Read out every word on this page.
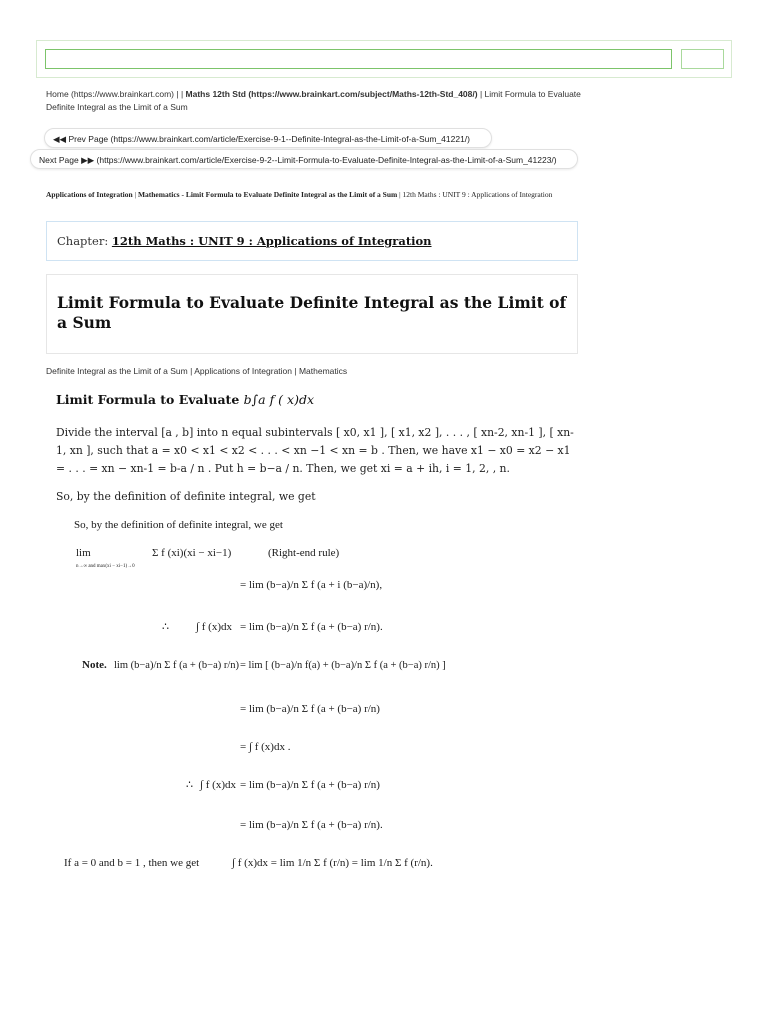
Home (https://www.brainkart.com) | | Maths 12th Std (https://www.brainkart.com/subject/Maths-12th-Std_408/) | Limit Formula to Evaluate Definite Integral as the Limit of a Sum
◀◀ Prev Page (https://www.brainkart.com/article/Exercise-9-1--Definite-Integral-as-the-Limit-of-a-Sum_41221/)
Next Page ▶▶ (https://www.brainkart.com/article/Exercise-9-2--Limit-Formula-to-Evaluate-Definite-Integral-as-the-Limit-of-a-Sum_41223/)
Applications of Integration | Mathematics - Limit Formula to Evaluate Definite Integral as the Limit of a Sum | 12th Maths : UNIT 9 : Applications of Integration
Chapter: 12th Maths : UNIT 9 : Applications of Integration
Limit Formula to Evaluate Definite Integral as the Limit of a Sum
Definite Integral as the Limit of a Sum | Applications of Integration | Mathematics
Limit Formula to Evaluate b∫a f ( x)dx
Divide the interval [a , b] into n equal subintervals [ x0, x1 ], [ x1, x2 ], . . . , [ xn-2, xn-1 ], [ xn-1, xn ], such that a = x0 < x1 < x2 < . . . < xn −1 < xn = b . Then, we have x1 − x0 = x2 − x1 = . . . = xn − xn-1 = b-a / n . Put h = b−a / n. Then, we get xi = a + ih, i = 1, 2, , n.
So, by the definition of definite integral, we get
So, by the definition of definite integral, we get
lim
n→∞ and max(xi − xi−1)→0
Σ f (xi)(xi − xi−1)	(Right-end rule)
= lim (b−a)/n Σ f (a + i (b−a)/n),
∴ ∫ f (x)dx = lim (b−a)/n Σ f (a + (b−a) r/n).
Note. lim (b−a)/n Σ f (a + (b−a) r/n) = lim [ (b−a)/n f(a) + (b−a)/n Σ f (a + (b−a) r/n) ]
= lim (b−a)/n Σ f (a + (b−a) r/n)
= ∫ f (x)dx .
∴ ∫ f (x)dx = lim (b−a)/n Σ f (a + (b−a) r/n)
= lim (b−a)/n Σ f (a + (b−a) r/n).
If a = 0 and b = 1 , then we get	∫ f (x)dx = lim 1/n Σ f (r/n) = lim 1/n Σ f (r/n).
